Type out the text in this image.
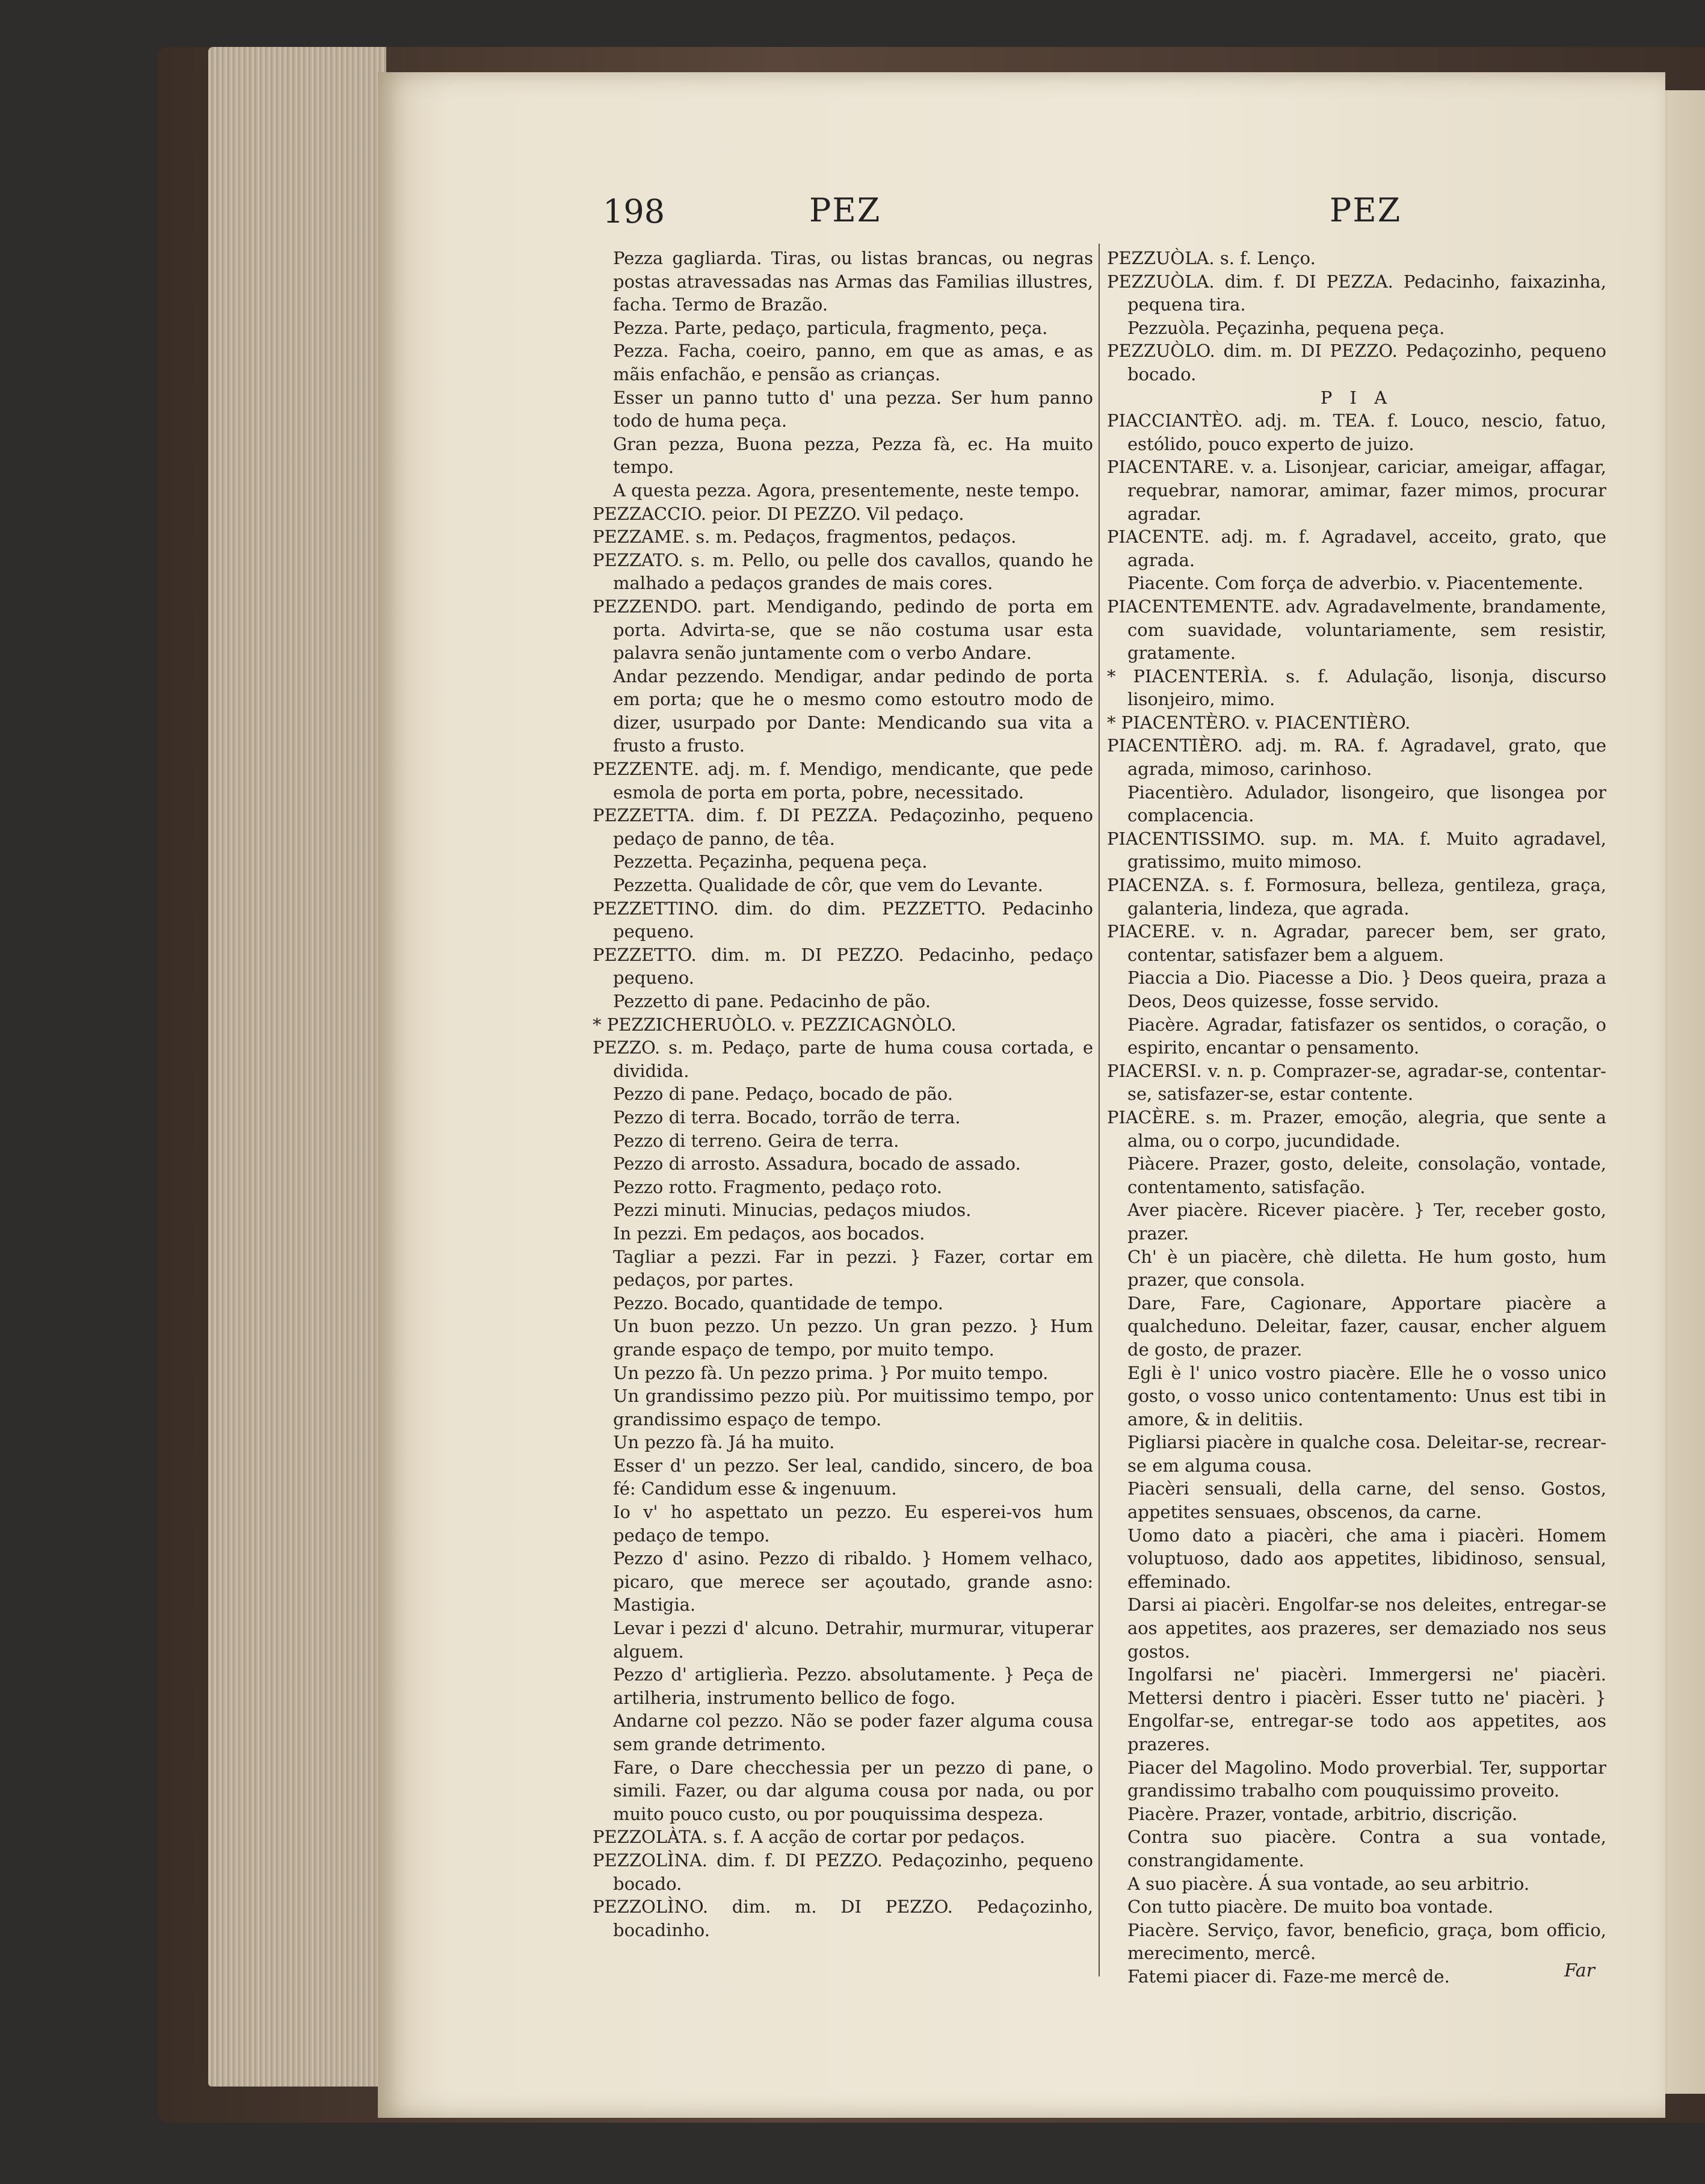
198	PEZ	PEZ

Pezza gagliarda. Tiras, ou listas brancas, ou negras postas atravessadas nas Armas das Familias illustres, facha. Termo de Brazão.

Pezza. Parte, pedaço, particula, fragmento, peça.

Pezza. Facha, coeiro, panno, em que as amas, e as mãis enfachão, e pensão as crianças.

Esser un panno tutto d' una pezza. Ser hum panno todo de huma peça.

Gran pezza, Buona pezza, Pezza fà, ec. Ha muito tempo.

A questa pezza. Agora, presentemente, neste tempo.

PEZZACCIO. peior. DI PEZZO. Vil pedaço.

PEZZAME. s. m. Pedaços, fragmentos, pedaços.

PEZZATO. s. m. Pello, ou pelle dos cavallos, quando he malhado a pedaços grandes de mais cores.

PEZZENDO. part. Mendigando, pedindo de porta em porta. Advirta-se, que se não costuma usar esta palavra senão juntamente com o verbo Andare.

Andar pezzendo. Mendigar, andar pedindo de porta em porta; que he o mesmo como estoutro modo de dizer, usurpado por Dante: Mendicando sua vita a frusto a frusto.

PEZZENTE. adj. m. f. Mendigo, mendicante, que pede esmola de porta em porta, pobre, necessitado.

PEZZETTA. dim. f. DI PEZZA. Pedaçozinho, pequeno pedaço de panno, de têa.

Pezzetta. Peçazinha, pequena peça.

Pezzetta. Qualidade de côr, que vem do Levante.

PEZZETTINO. dim. do dim. PEZZETTO. Pedacinho pequeno.

PEZZETTO. dim. m. DI PEZZO. Pedacinho, pedaço pequeno.

Pezzetto di pane. Pedacinho de pão.

* PEZZICHERUÒLO. v. PEZZICAGNÒLO.

PEZZO. s. m. Pedaço, parte de huma cousa cortada, e dividida.

Pezzo di pane. Pedaço, bocado de pão.

Pezzo di terra. Bocado, torrão de terra.

Pezzo di terreno. Geira de terra.

Pezzo di arrosto. Assadura, bocado de assado.

Pezzo rotto. Fragmento, pedaço roto.

Pezzi minuti. Minucias, pedaços miudos.

In pezzi. Em pedaços, aos bocados.

Tagliar a pezzi. Far in pezzi. } Fazer, cortar em pedaços, por partes.

Pezzo. Bocado, quantidade de tempo.

Un buon pezzo. Un pezzo. Un gran pezzo. } Hum grande espaço de tempo, por muito tempo.

Un pezzo fà. Un pezzo prima. } Por muito tempo.

Un grandissimo pezzo più. Por muitissimo tempo, por grandissimo espaço de tempo.

Un pezzo fà. Já ha muito.

Esser d' un pezzo. Ser leal, candido, sincero, de boa fé: Candidum esse & ingenuum.

Io v' ho aspettato un pezzo. Eu esperei-vos hum pedaço de tempo.

Pezzo d' asino. Pezzo di ribaldo. } Homem velhaco, picaro, que merece ser açoutado, grande asno: Mastigia.

Levar i pezzi d' alcuno. Detrahir, murmurar, vituperar alguem.

Pezzo d' artiglierìa. Pezzo. absolutamente. } Peça de artilheria, instrumento bellico de fogo.

Andarne col pezzo. Não se poder fazer alguma cousa sem grande detrimento.

Fare, o Dare checchessia per un pezzo di pane, o simili. Fazer, ou dar alguma cousa por nada, ou por muito pouco custo, ou por pouquissima despeza.

PEZZOLÀTA. s. f. A acção de cortar por pedaços.

PEZZOLÌNA. dim. f. DI PEZZO. Pedaçozinho, pequeno bocado.

PEZZOLÌNO. dim. m. DI PEZZO. Pedaçozinho, bocadinho.

PEZZUÒLA. s. f. Lenço.

PEZZUÒLA. dim. f. DI PEZZA. Pedacinho, faixazinha, pequena tira.

Pezzuòla. Peçazinha, pequena peça.

PEZZUÒLO. dim. m. DI PEZZO. Pedaçozinho, pequeno bocado.

P I A

PIACCIANTÈO. adj. m. TEA. f. Louco, nescio, fatuo, estólido, pouco experto de juizo.

PIACENTARE. v. a. Lisonjear, cariciar, ameigar, affagar, requebrar, namorar, amimar, fazer mimos, procurar agradar.

PIACENTE. adj. m. f. Agradavel, acceito, grato, que agrada.

Piacente. Com força de adverbio. v. Piacentemente.

PIACENTEMENTE. adv. Agradavelmente, brandamente, com suavidade, voluntariamente, sem resistir, gratamente.

* PIACENTERÌA. s. f. Adulação, lisonja, discurso lisonjeiro, mimo.

* PIACENTÈRO. v. PIACENTIÈRO.

PIACENTIÈRO. adj. m. RA. f. Agradavel, grato, que agrada, mimoso, carinhoso.

Piacentièro. Adulador, lisongeiro, que lisongea por complacencia.

PIACENTISSIMO. sup. m. MA. f. Muito agradavel, gratissimo, muito mimoso.

PIACENZA. s. f. Formosura, belleza, gentileza, graça, galanteria, lindeza, que agrada.

PIACERE. v. n. Agradar, parecer bem, ser grato, contentar, satisfazer bem a alguem.

Piaccia a Dio. Piacesse a Dio. } Deos queira, praza a Deos, Deos quizesse, fosse servido.

Piacère. Agradar, fatisfazer os sentidos, o coração, o espirito, encantar o pensamento.

PIACERSI. v. n. p. Comprazer-se, agradar-se, contentar-se, satisfazer-se, estar contente.

PIACÈRE. s. m. Prazer, emoção, alegria, que sente a alma, ou o corpo, jucundidade.

Piàcere. Prazer, gosto, deleite, consolação, vontade, contentamento, satisfação.

Aver piacère. Ricever piacère. } Ter, receber gosto, prazer.

Ch' è un piacère, chè diletta. He hum gosto, hum prazer, que consola.

Dare, Fare, Cagionare, Apportare piacère a qualcheduno. Deleitar, fazer, causar, encher alguem de gosto, de prazer.

Egli è l' unico vostro piacère. Elle he o vosso unico gosto, o vosso unico contentamento: Unus est tibi in amore, & in delitiis.

Pigliarsi piacère in qualche cosa. Deleitar-se, recrear-se em alguma cousa.

Piacèri sensuali, della carne, del senso. Gostos, appetites sensuaes, obscenos, da carne.

Uomo dato a piacèri, che ama i piacèri. Homem voluptuoso, dado aos appetites, libidinoso, sensual, effeminado.

Darsi ai piacèri. Engolfar-se nos deleites, entregar-se aos appetites, aos prazeres, ser demaziado nos seus gostos.

Ingolfarsi ne' piacèri. Immergersi ne' piacèri. Mettersi dentro i piacèri. Esser tutto ne' piacèri. } Engolfar-se, entregar-se todo aos appetites, aos prazeres.

Piacer del Magolino. Modo proverbial. Ter, supportar grandissimo trabalho com pouquissimo proveito.

Piacère. Prazer, vontade, arbitrio, discrição.

Contra suo piacère. Contra a sua vontade, constrangidamente.

A suo piacère. Á sua vontade, ao seu arbitrio.

Con tutto piacère. De muito boa vontade.

Piacère. Serviço, favor, beneficio, graça, bom officio, merecimento, mercê.

Fatemi piacer di. Faze-me mercê de.	Far
